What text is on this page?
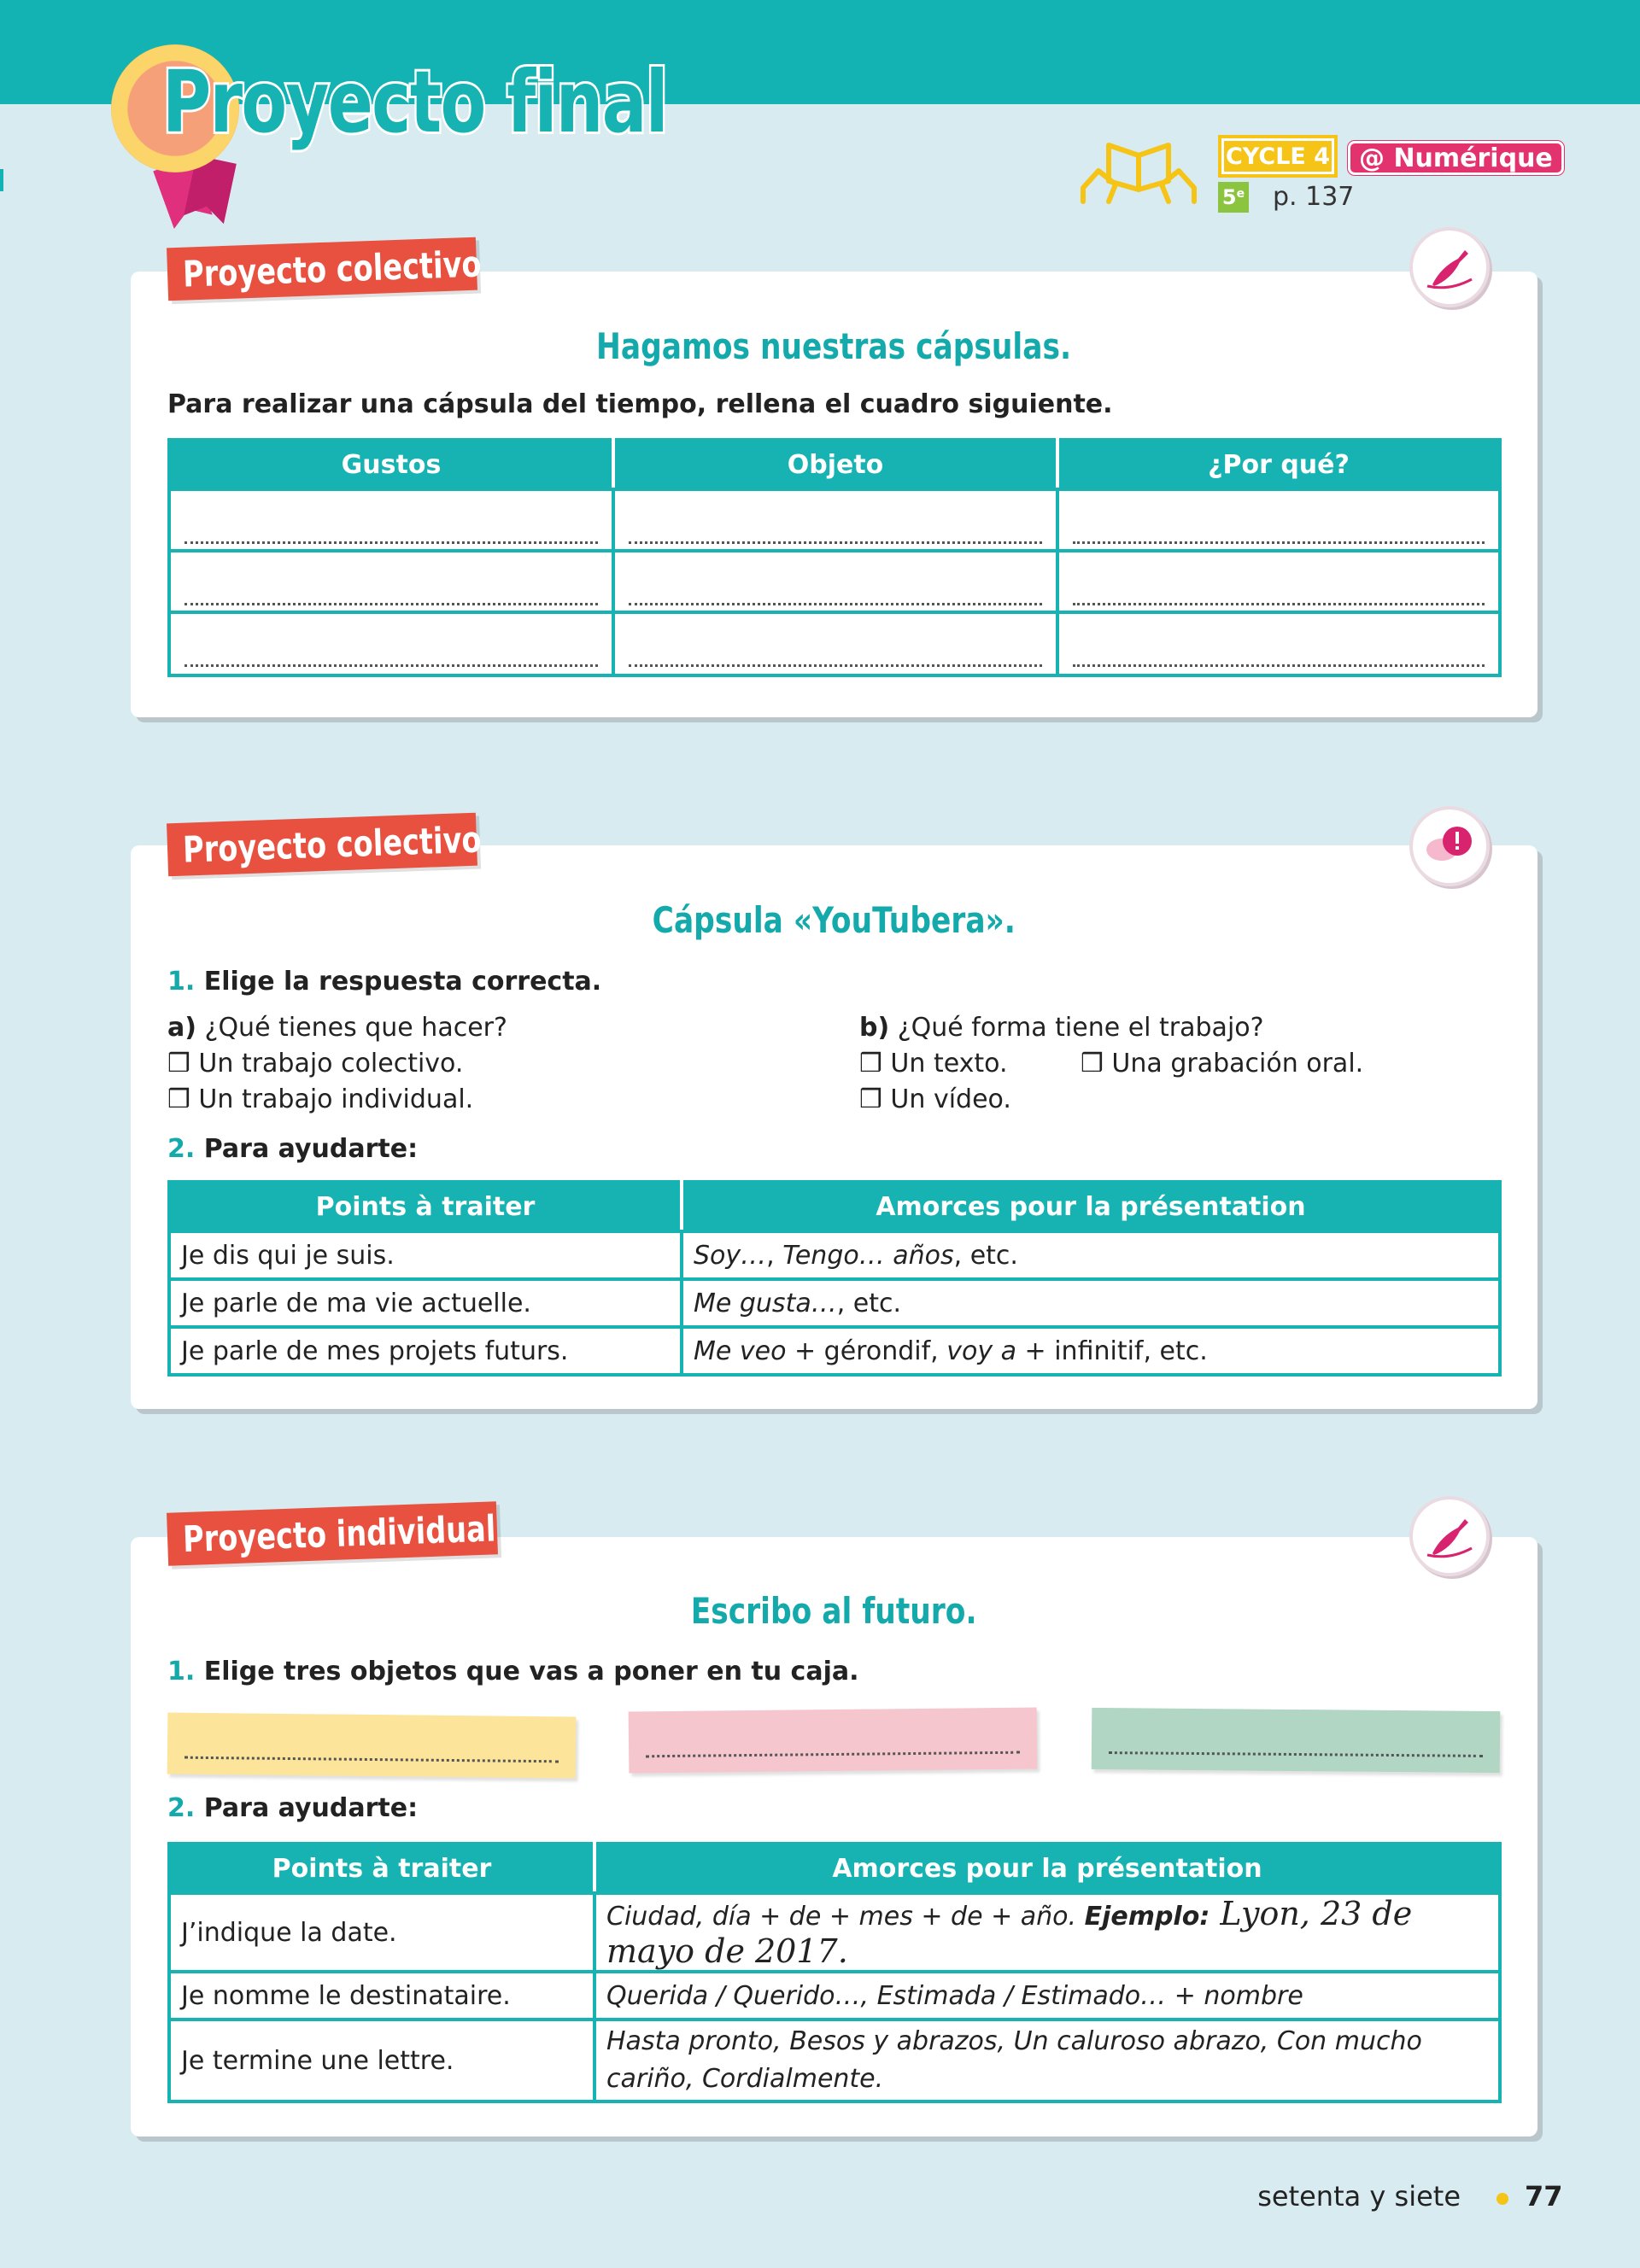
Proyecto final
CYCLE 4	@ Numérique
5 e p. 137
Hagamos nuestras cápsulas.

Para realizar una cápsula del tiempo, rellena el cuadro siguiente.

Gustos	Objeto	¿Por qué?

Proyecto colectivo
Cápsula «YouTubera».

1. Elige la respuesta correcta.

a) ¿Qué tienes que hacer?

❒ Un trabajo colectivo.

❒ Un trabajo individual.

b) ¿Qué forma tiene el trabajo?

❒ Un texto.	❒ Una grabación oral.

❒ Un vídeo.

2. Para ayudarte:

Points à traiter	Amorces pour la présentation
Je dis qui je suis.	Soy…, Tengo… años, etc.
Je parle de ma vie actuelle.	Me gusta…, etc.
Je parle de mes projets futurs.	Me veo + gérondif, voy a + infinitif, etc.
Proyecto colectivo
Escribo al futuro.

1. Elige tres objetos que vas a poner en tu caja.

2. Para ayudarte:

Points à traiter	Amorces pour la présentation
J’indique la date.	Ciudad, día + de + mes + de + año. Ejemplo: Lyon, 23 de mayo de 2017.
Je nomme le destinataire.	Querida / Querido…, Estimada / Estimado… + nombre
Je termine une lettre.	Hasta pronto, Besos y abrazos, Un caluroso abrazo, Con mucho cariño, Cordialmente.
Proyecto individual
setenta y siete 77
